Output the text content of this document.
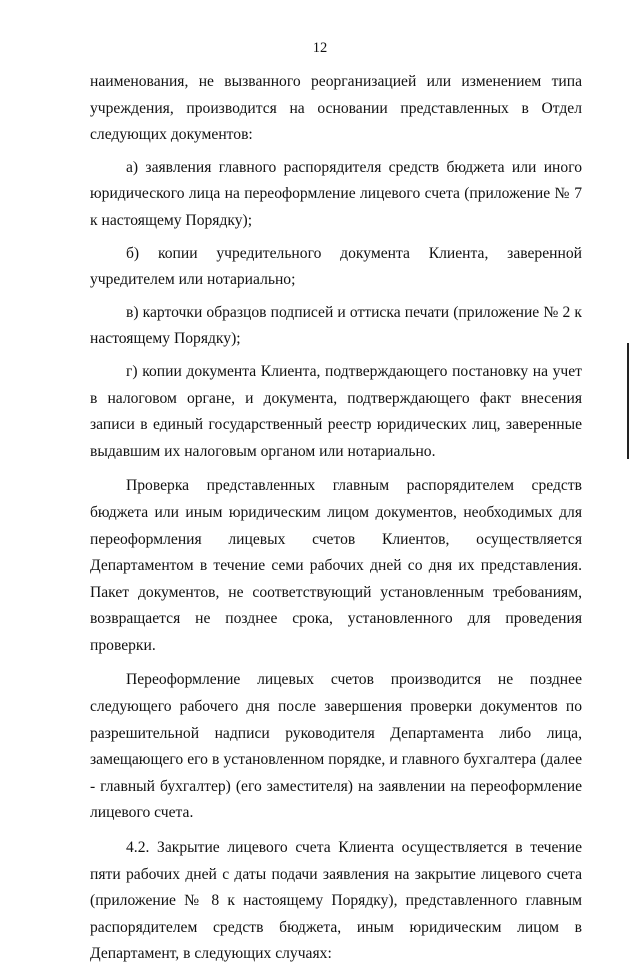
12

наименования, не вызванного реорганизацией или изменением типа учреждения, производится на основании представленных в Отдел следующих документов:

а) заявления главного распорядителя средств бюджета или иного юридического лица на переоформление лицевого счета (приложение № 7 к настоящему Порядку);

б) копии учредительного документа Клиента, заверенной учредителем или нотариально;

в) карточки образцов подписей и оттиска печати (приложение № 2 к настоящему Порядку);

г) копии документа Клиента, подтверждающего постановку на учет в налоговом органе, и документа, подтверждающего факт внесения записи в единый государственный реестр юридических лиц, заверенные выдавшим их налоговым органом или нотариально.

Проверка представленных главным распорядителем средств бюджета или иным юридическим лицом документов, необходимых для переоформления лицевых счетов Клиентов, осуществляется Департаментом в течение семи рабочих дней со дня их представления. Пакет документов, не соответствующий установленным требованиям, возвращается не позднее срока, установленного для проведения проверки.

Переоформление лицевых счетов производится не позднее следующего рабочего дня после завершения проверки документов по разрешительной надписи руководителя Департамента либо лица, замещающего его в установленном порядке, и главного бухгалтера (далее - главный бухгалтер) (его заместителя) на заявлении на переоформление лицевого счета.

4.2. Закрытие лицевого счета Клиента осуществляется в течение пяти рабочих дней с даты подачи заявления на закрытие лицевого счета (приложение № 8 к настоящему Порядку), представленного главным распорядителем средств бюджета, иным юридическим лицом в Департамент, в следующих случаях:
